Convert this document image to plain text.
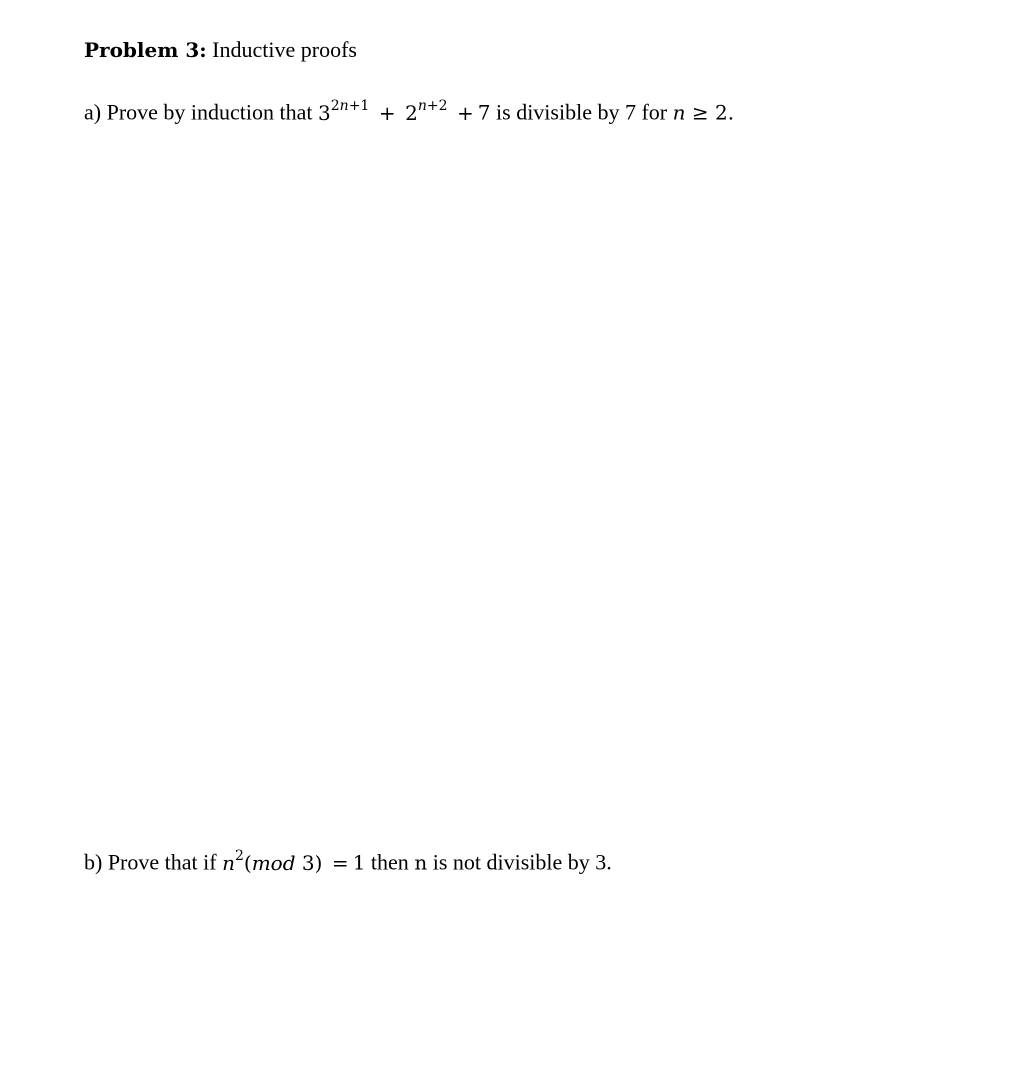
Problem 3: Inductive proofs
a) Prove by induction that $3^{2n+1} + 2^{n+2} + 7$ is divisible by 7 for n ≥ 2.
b) Prove that if $n^2(mod$ 3) = 1 then n is not divisible by 3.
